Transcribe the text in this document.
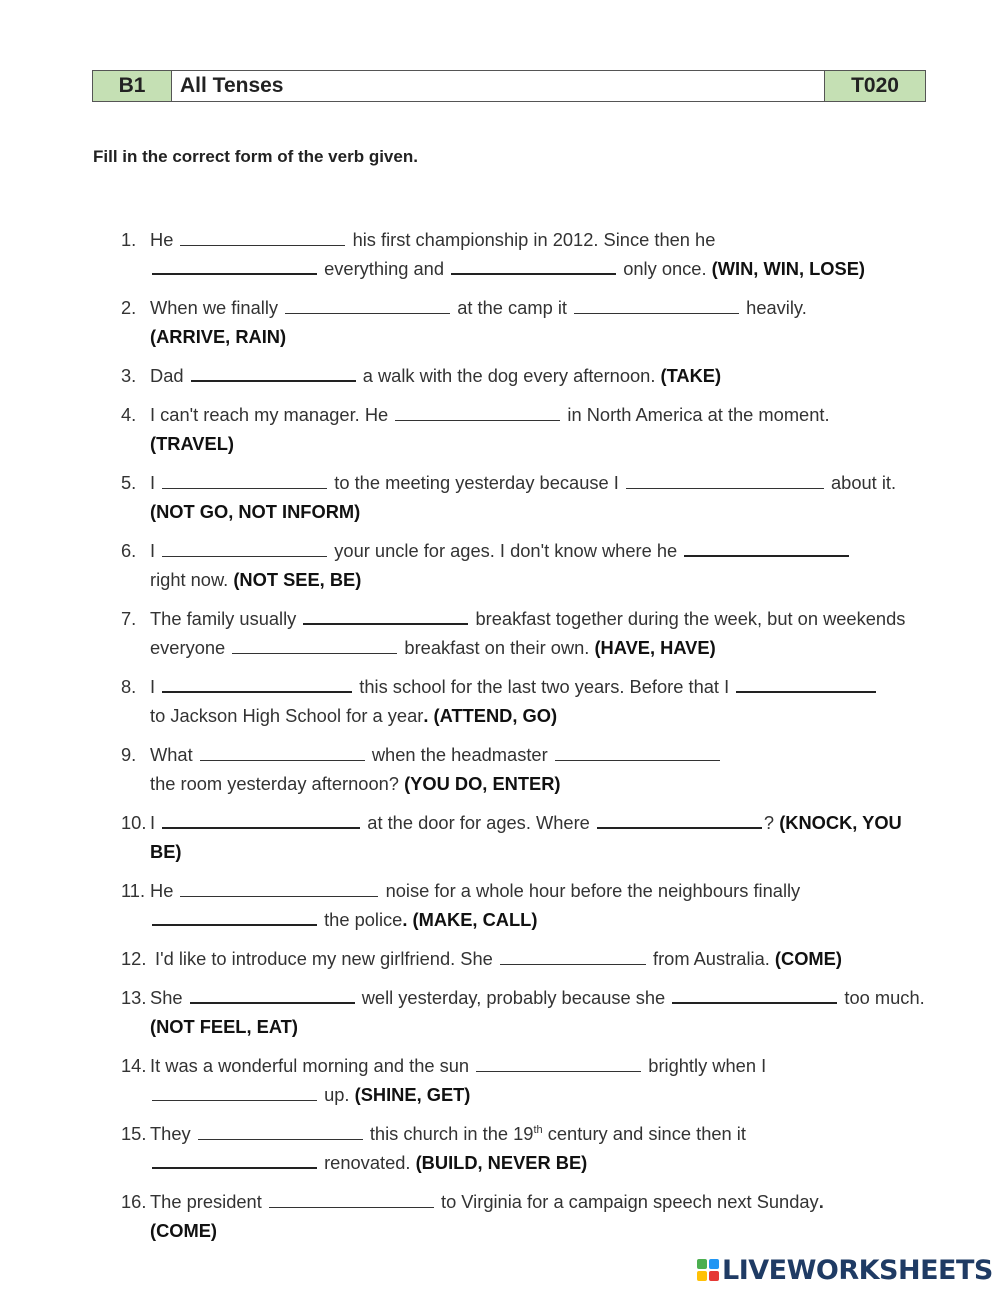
B1	All Tenses	T020
Fill in the correct form of the verb given.
1. He	his first championship in 2012. Since then he
everything and	only once. (WIN, WIN, LOSE)
2. When we finally	at the camp it	heavily.
(ARRIVE, RAIN)
3. Dad	a walk with the dog every afternoon. (TAKE)
4. I can't reach my manager. He	in North America at the moment.
(TRAVEL)
5. I	to the meeting yesterday because I	about it. (NOT GO, NOT INFORM)
6. I	your uncle for ages. I don't know where he
right now. (NOT SEE, BE)
7. The family usually	breakfast together during the week, but on weekends everyone	breakfast on their own. (HAVE, HAVE)
8. I	this school for the last two years. Before that I
to Jackson High School for a year. (ATTEND, GO)
9. What	when the headmaster
the room yesterday afternoon? (YOU DO, ENTER)
10. I	at the door for ages. Where	? (KNOCK, YOU BE)
11. He	noise for a whole hour before the neighbours finally
the police. (MAKE, CALL)
12. I'd like to introduce my new girlfriend. She	from Australia. (COME)
13. She	well yesterday, probably because she	too much. (NOT FEEL, EAT)
14. It was a wonderful morning and the sun	brightly when I
up. (SHINE, GET)
15. They	this church in the 19th century and since then it
renovated. (BUILD, NEVER BE)
16. The president	to Virginia for a campaign speech next Sunday.
(COME)
LIVEWORKSHEETS
